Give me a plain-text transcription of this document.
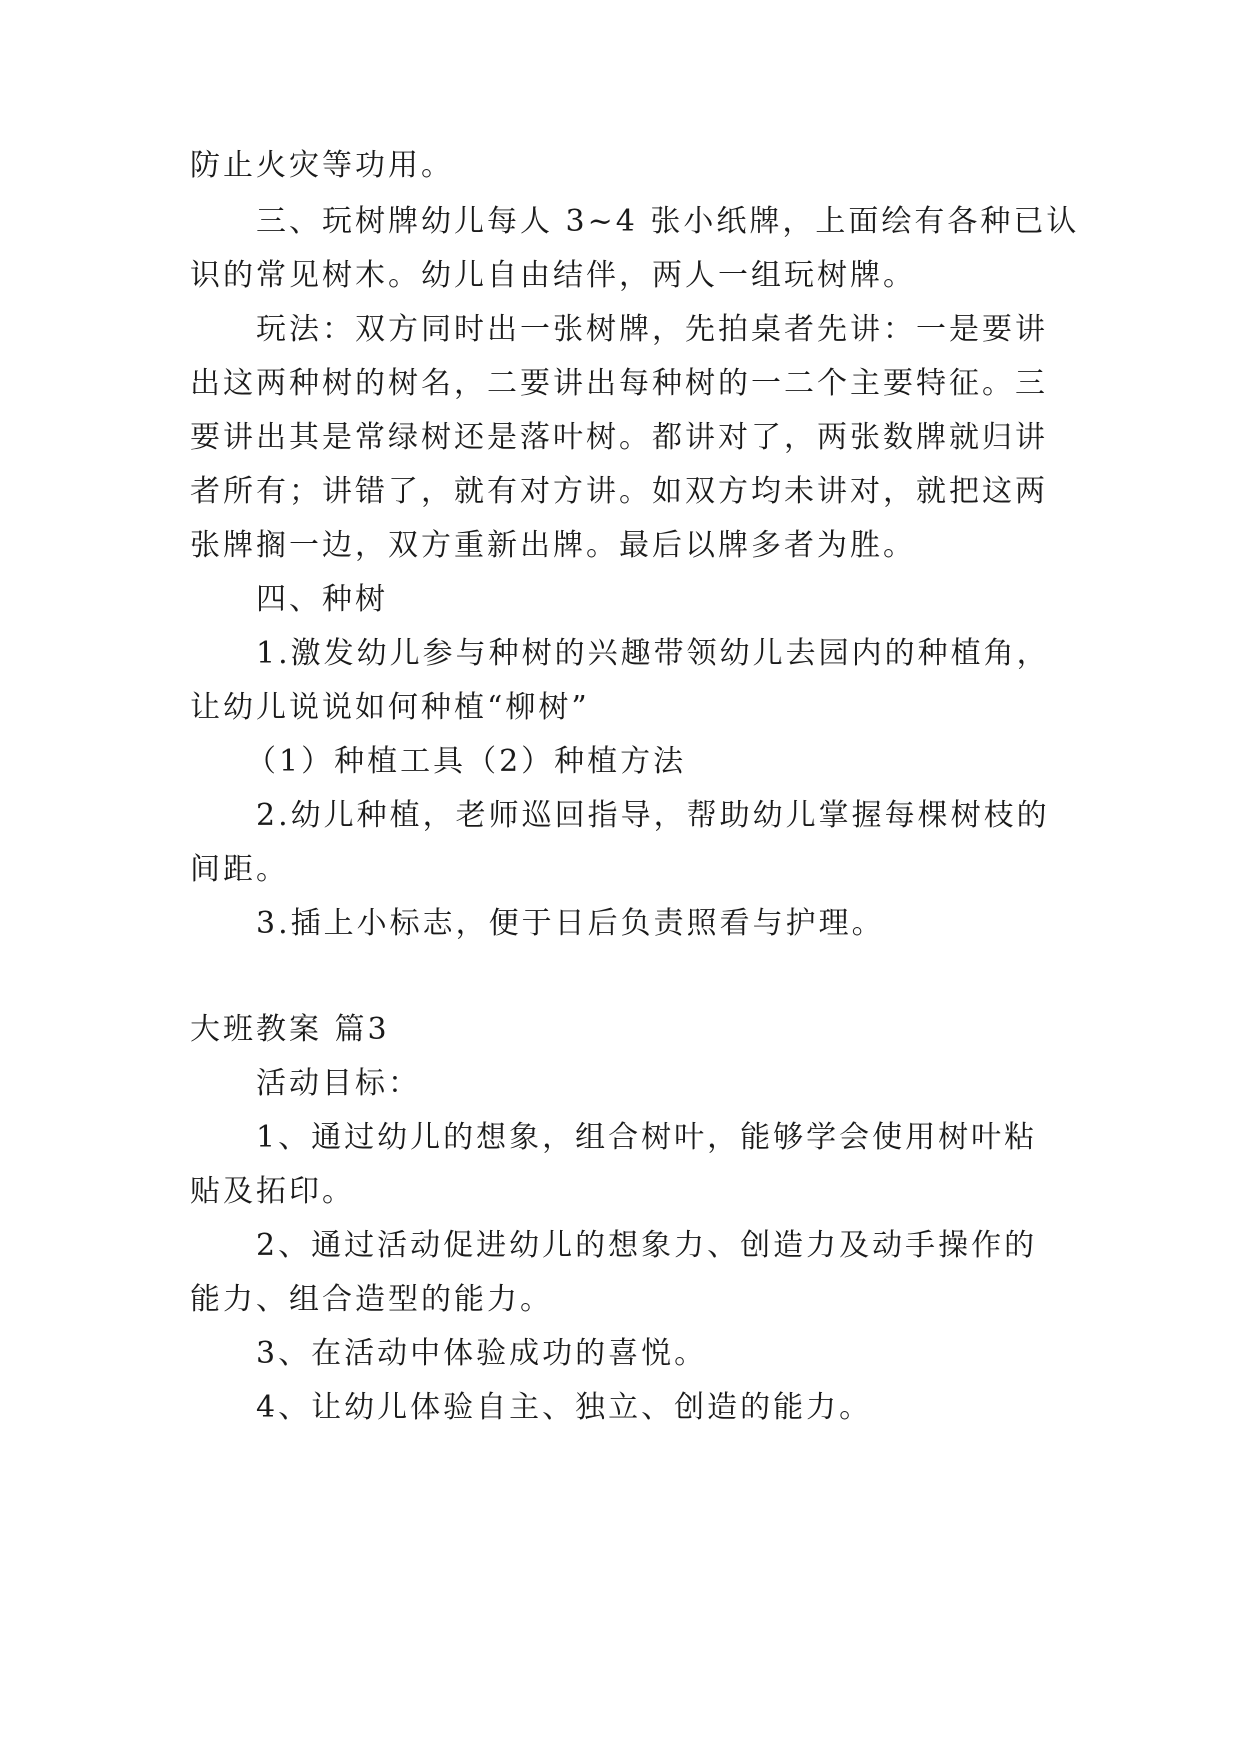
防止火灾等功用。

三、玩树牌幼儿每人 3~4 张小纸牌，上面绘有各种已认

识的常见树木。幼儿自由结伴，两人一组玩树牌。

玩法：双方同时出一张树牌，先拍桌者先讲：一是要讲

出这两种树的树名，二要讲出每种树的一二个主要特征。三

要讲出其是常绿树还是落叶树。都讲对了，两张数牌就归讲

者所有；讲错了，就有对方讲。如双方均未讲对，就把这两

张牌搁一边，双方重新出牌。最后以牌多者为胜。

四、种树

1.激发幼儿参与种树的兴趣带领幼儿去园内的种植角，

让幼儿说说如何种植“柳树”

（1）种植工具（2）种植方法

2.幼儿种植，老师巡回指导，帮助幼儿掌握每棵树枝的

间距。

3.插上小标志，便于日后负责照看与护理。

大班教案 篇3

活动目标：

1、通过幼儿的想象，组合树叶，能够学会使用树叶粘

贴及拓印。

2、通过活动促进幼儿的想象力、创造力及动手操作的

能力、组合造型的能力。

3、在活动中体验成功的喜悦。

4、让幼儿体验自主、独立、创造的能力。
